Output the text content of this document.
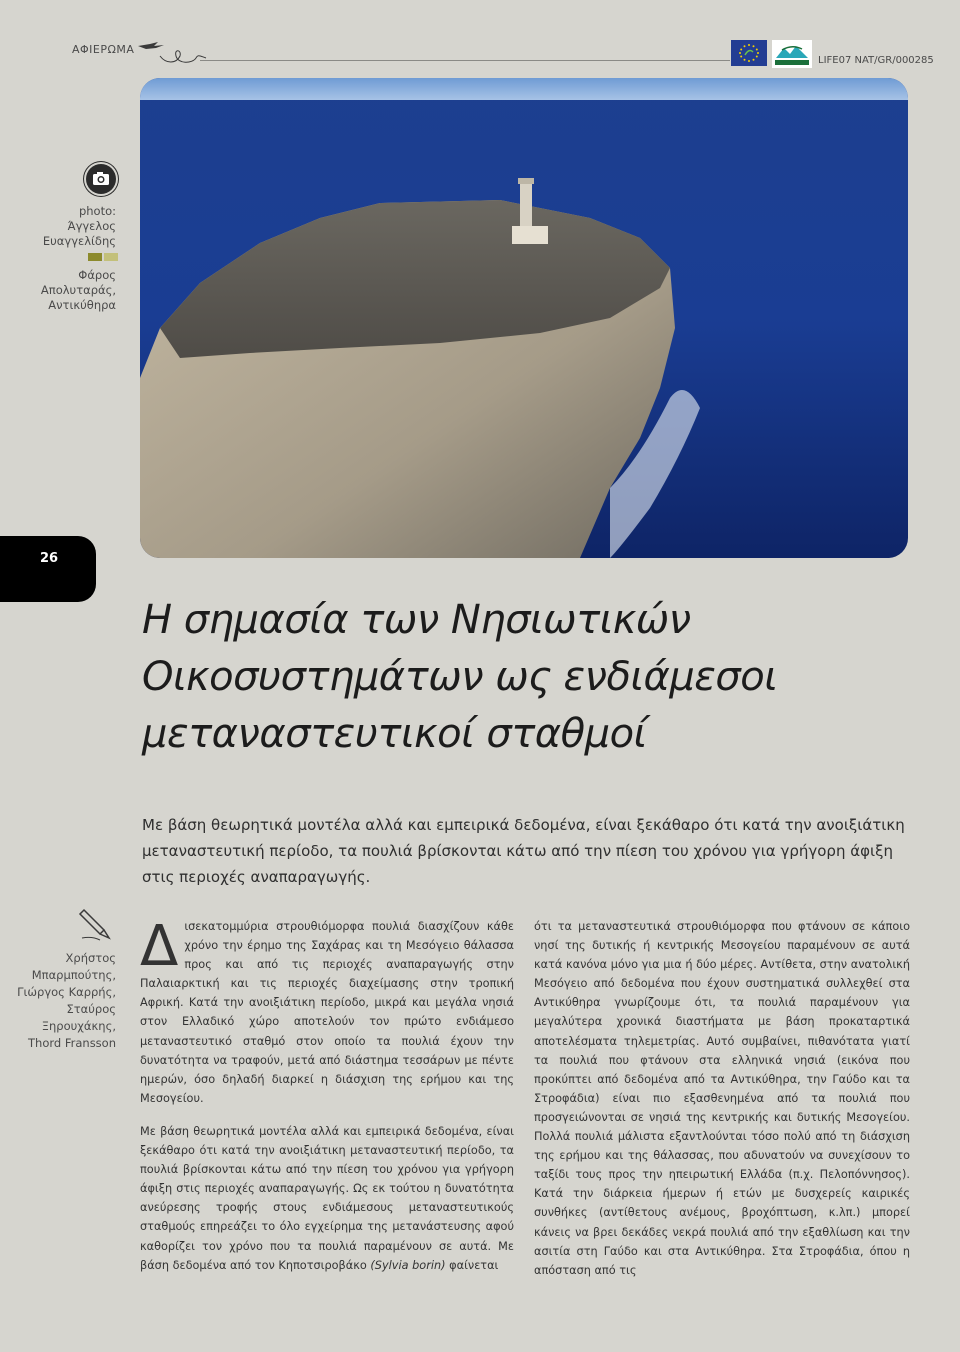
ΑΦΙΕΡΩΜΑ
LIFE07 NAT/GR/000285
photo:
Άγγελος Ευαγγελίδης
Φάρος Απολυταράς, Αντικύθηρα
26
Η σημασία των Νησιωτικών
Οικοσυστημάτων ως ενδιάμεσοι
μεταναστευτικοί σταθμοί

Με βάση θεωρητικά μοντέλα αλλά και εμπειρικά δεδομένα, είναι ξεκάθαρο ότι κατά την ανοιξιάτικη μεταναστευτική περίοδο, τα πουλιά βρίσκονται κάτω από την πίεση του χρόνου για γρήγορη άφιξη στις περιοχές αναπαραγωγής.

Χρήστος Μπαρμπούτης, Γιώργος Καρρής, Σταύρος Ξηρουχάκης, Thord Fransson

Δισεκατομμύρια στρουθιόμορφα πουλιά διασχίζουν κάθε χρόνο την έρημο της Σαχάρας και τη Μεσόγειο θάλασσα προς και από τις περιοχές αναπαραγωγής στην Παλαιαρκτική και τις περιοχές διαχείμασης στην τροπική Αφρική. Κατά την ανοιξιάτικη περίοδο, μικρά και μεγάλα νησιά στον Ελλαδικό χώρο αποτελούν τον πρώτο ενδιάμεσο μεταναστευτικό σταθμό στον οποίο τα πουλιά έχουν την δυνατότητα να τραφούν, μετά από διάστημα τεσσάρων με πέντε ημερών, όσο δηλαδή διαρκεί η διάσχιση της ερήμου και της Μεσογείου.

Με βάση θεωρητικά μοντέλα αλλά και εμπειρικά δεδομένα, είναι ξεκάθαρο ότι κατά την ανοιξιάτικη μεταναστευτική περίοδο, τα πουλιά βρίσκονται κάτω από την πίεση του χρόνου για γρήγορη άφιξη στις περιοχές αναπαραγωγής. Ως εκ τούτου η δυνατότητα ανεύρεσης τροφής στους ενδιάμεσους μεταναστευτικούς σταθμούς επηρεάζει το όλο εγχείρημα της μετανάστευσης αφού καθορίζει τον χρόνο που τα πουλιά παραμένουν σε αυτά. Με βάση δεδομένα από τον Κηποτσιροβάκο (Sylvia borin) φαίνεται

ότι τα μεταναστευτικά στρουθιόμορφα που φτάνουν σε κάποιο νησί της δυτικής ή κεντρικής Μεσογείου παραμένουν σε αυτά κατά κανόνα μόνο για μια ή δύο μέρες. Αντίθετα, στην ανατολική Μεσόγειο από δεδομένα που έχουν συστηματικά συλλεχθεί στα Αντικύθηρα γνωρίζουμε ότι, τα πουλιά παραμένουν για μεγαλύτερα χρονικά διαστήματα με βάση προκαταρτικά αποτελέσματα τηλεμετρίας. Αυτό συμβαίνει, πιθανότατα γιατί τα πουλιά που φτάνουν στα ελληνικά νησιά (εικόνα που προκύπτει από δεδομένα από τα Αντικύθηρα, την Γαύδο και τα Στροφάδια) είναι πιο εξασθενημένα από τα πουλιά που προσγειώνονται σε νησιά της κεντρικής και δυτικής Μεσογείου. Πολλά πουλιά μάλιστα εξαντλούνται τόσο πολύ από τη διάσχιση της ερήμου και της θάλασσας, που αδυνατούν να συνεχίσουν το ταξίδι τους προς την ηπειρωτική Ελλάδα (π.χ. Πελοπόννησος). Κατά την διάρκεια ήμερων ή ετών με δυσχερείς καιρικές συνθήκες (αντίθετους ανέμους, βροχόπτωση, κ.λπ.) μπορεί κάνεις να βρει δεκάδες νεκρά πουλιά από την εξαθλίωση και την ασιτία στη Γαύδο και στα Αντικύθηρα. Στα Στροφάδια, όπου η απόσταση από τις
